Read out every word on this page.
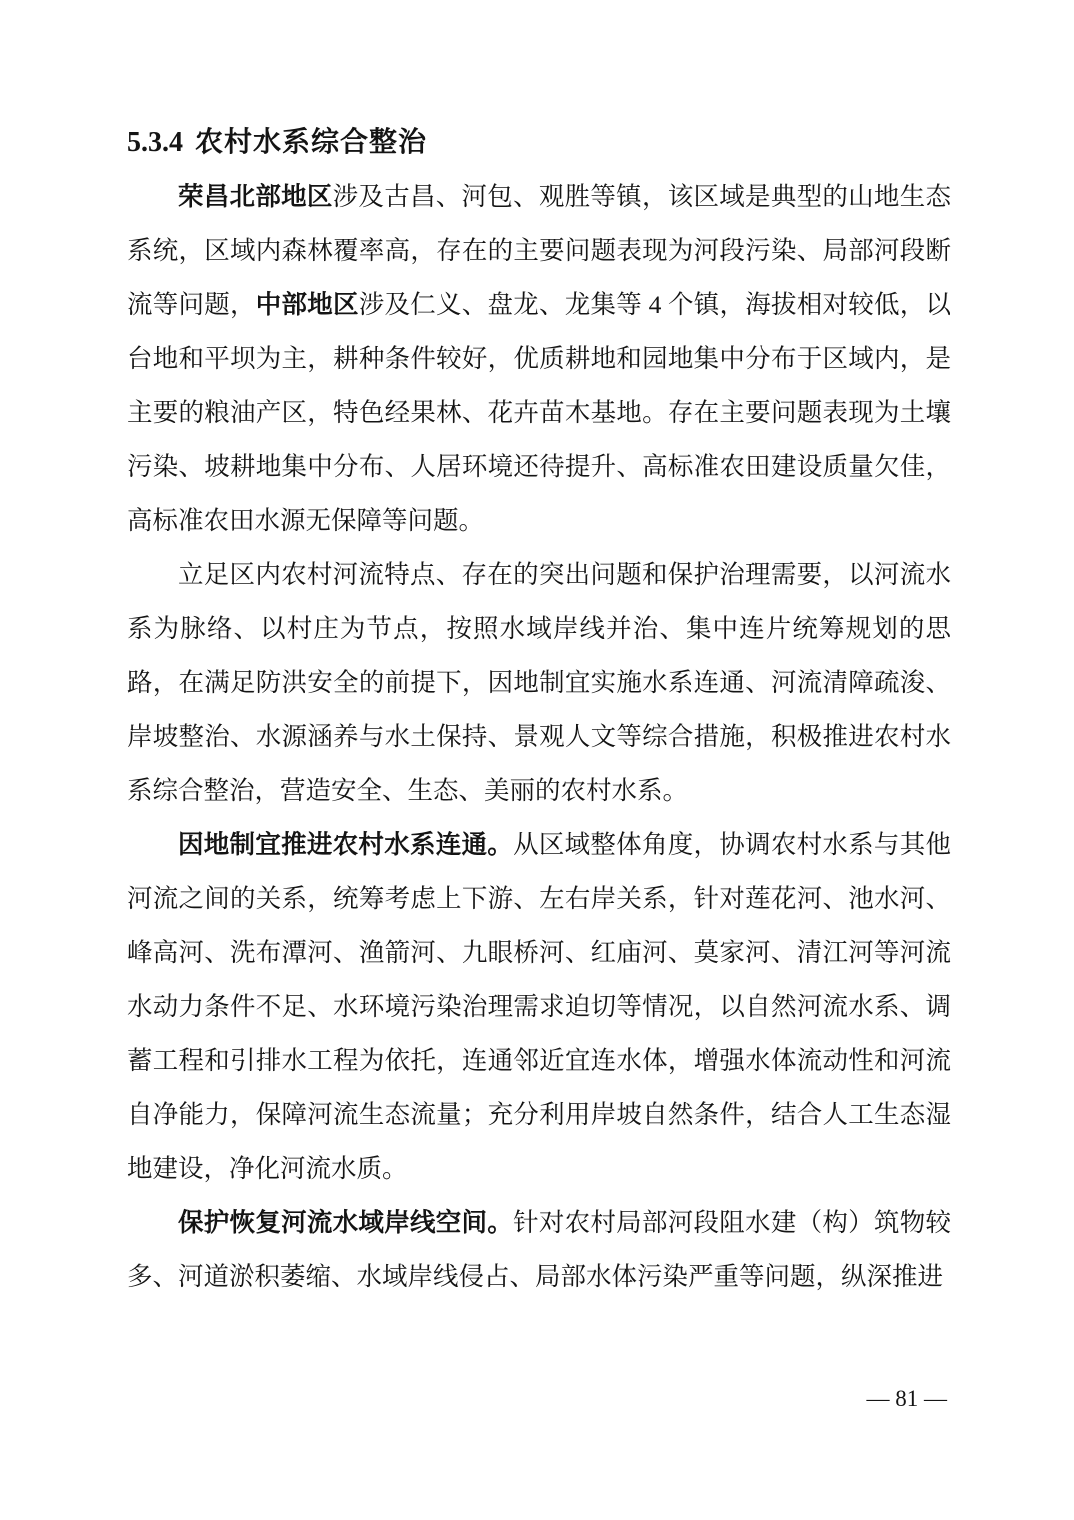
5.3.4 农村水系综合整治

荣昌北部地区涉及古昌、河包、观胜等镇，该区域是典型的山地生态系统，区域内森林覆率高，存在的主要问题表现为河段污染、局部河段断流等问题，中部地区涉及仁义、盘龙、龙集等 4 个镇，海拔相对较低，以台地和平坝为主，耕种条件较好，优质耕地和园地集中分布于区域内，是主要的粮油产区，特色经果林、花卉苗木基地。存在主要问题表现为土壤污染、坡耕地集中分布、人居环境还待提升、高标准农田建设质量欠佳，高标准农田水源无保障等问题。

立足区内农村河流特点、存在的突出问题和保护治理需要，以河流水系为脉络、以村庄为节点，按照水域岸线并治、集中连片统筹规划的思路，在满足防洪安全的前提下，因地制宜实施水系连通、河流清障疏浚、岸坡整治、水源涵养与水土保持、景观人文等综合措施，积极推进农村水系综合整治，营造安全、生态、美丽的农村水系。

因地制宜推进农村水系连通。从区域整体角度，协调农村水系与其他河流之间的关系，统筹考虑上下游、左右岸关系，针对莲花河、池水河、峰高河、洗布潭河、渔箭河、九眼桥河、红庙河、莫家河、清江河等河流水动力条件不足、水环境污染治理需求迫切等情况，以自然河流水系、调蓄工程和引排水工程为依托，连通邻近宜连水体，增强水体流动性和河流自净能力，保障河流生态流量；充分利用岸坡自然条件，结合人工生态湿地建设，净化河流水质。

保护恢复河流水域岸线空间。针对农村局部河段阻水建（构）筑物较多、河道淤积萎缩、水域岸线侵占、局部水体污染严重等问题，纵深推进

— 81 —
